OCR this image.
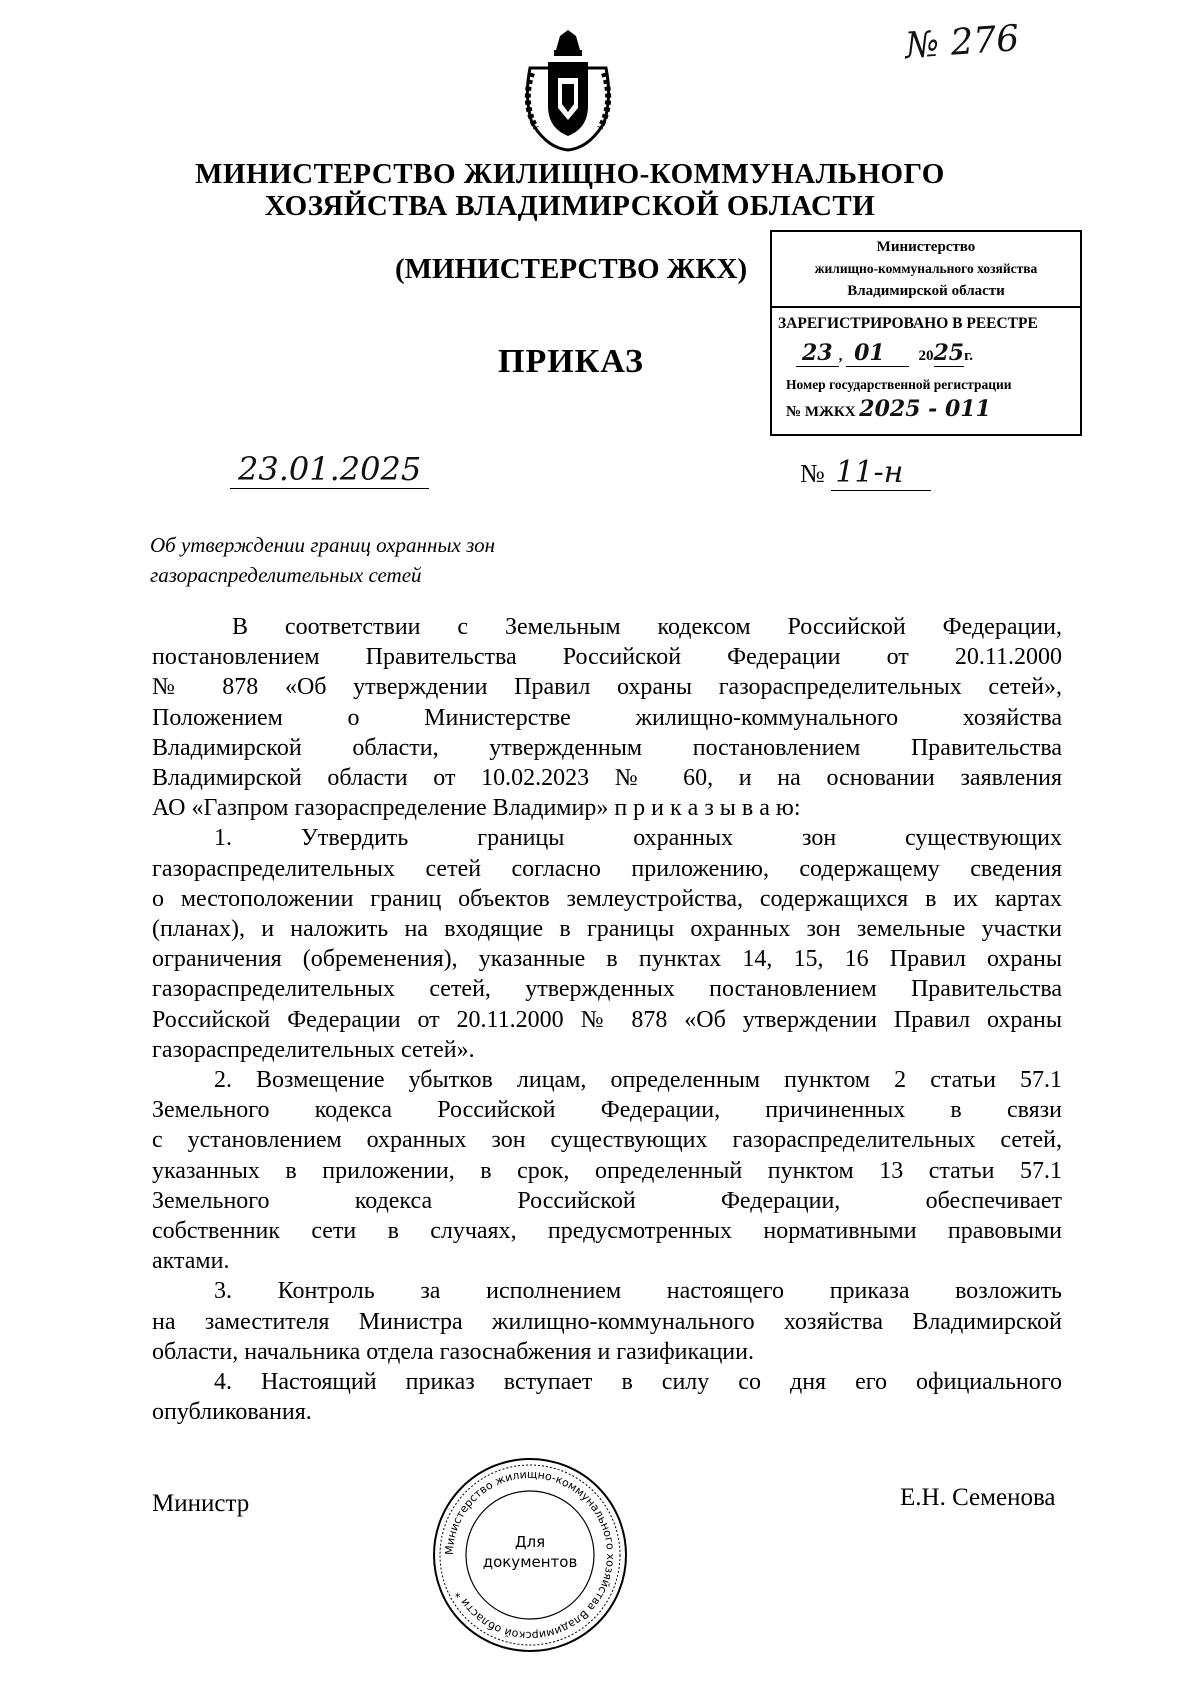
№ 276
МИНИСТЕРСТВО ЖИЛИЩНО-КОММУНАЛЬНОГО
ХОЗЯЙСТВА ВЛАДИМИРСКОЙ ОБЛАСТИ
(МИНИСТЕРСТВО ЖКХ)
ПРИКАЗ
Министерство
жилищно-коммунального хозяйства
Владимирской области
ЗАРЕГИСТРИРОВАНО В РЕЕСТРЕ
23 , 01 2025г.
Номер государственной регистрации
№ МЖКХ 2025 - 011
23.01.2025	№ 11-н
Об утверждении границ охранных зон
газораспределительных сетей
В соответствии с Земельным кодексом Российской Федерации,
постановлением Правительства Российской Федерации от 20.11.2000
№ 878 «Об утверждении Правил охраны газораспределительных сетей»,
Положением о Министерстве жилищно-коммунального хозяйства
Владимирской области, утвержденным постановлением Правительства
Владимирской области от 10.02.2023 № 60, и на основании заявления
АО «Газпром газораспределение Владимир» п р и к а з ы в а ю:
1. Утвердить границы охранных зон существующих
газораспределительных сетей согласно приложению, содержащему сведения
о местоположении границ объектов землеустройства, содержащихся в их картах
(планах), и наложить на входящие в границы охранных зон земельные участки
ограничения (обременения), указанные в пунктах 14, 15, 16 Правил охраны
газораспределительных сетей, утвержденных постановлением Правительства
Российской Федерации от 20.11.2000 № 878 «Об утверждении Правил охраны
газораспределительных сетей».
2. Возмещение убытков лицам, определенным пунктом 2 статьи 57.1
Земельного кодекса Российской Федерации, причиненных в связи
с установлением охранных зон существующих газораспределительных сетей,
указанных в приложении, в срок, определенный пунктом 13 статьи 57.1
Земельного кодекса Российской Федерации, обеспечивает
собственник сети в случаях, предусмотренных нормативными правовыми
актами.
3. Контроль за исполнением настоящего приказа возложить
на заместителя Министра жилищно-коммунального хозяйства Владимирской
области, начальника отдела газоснабжения и газификации.
4. Настоящий приказ вступает в силу со дня его официального
опубликования.
Министерство жилищно-коммунального хозяйства Владимирской области *
Для
документов
Министр	Е.Н. Семенова
